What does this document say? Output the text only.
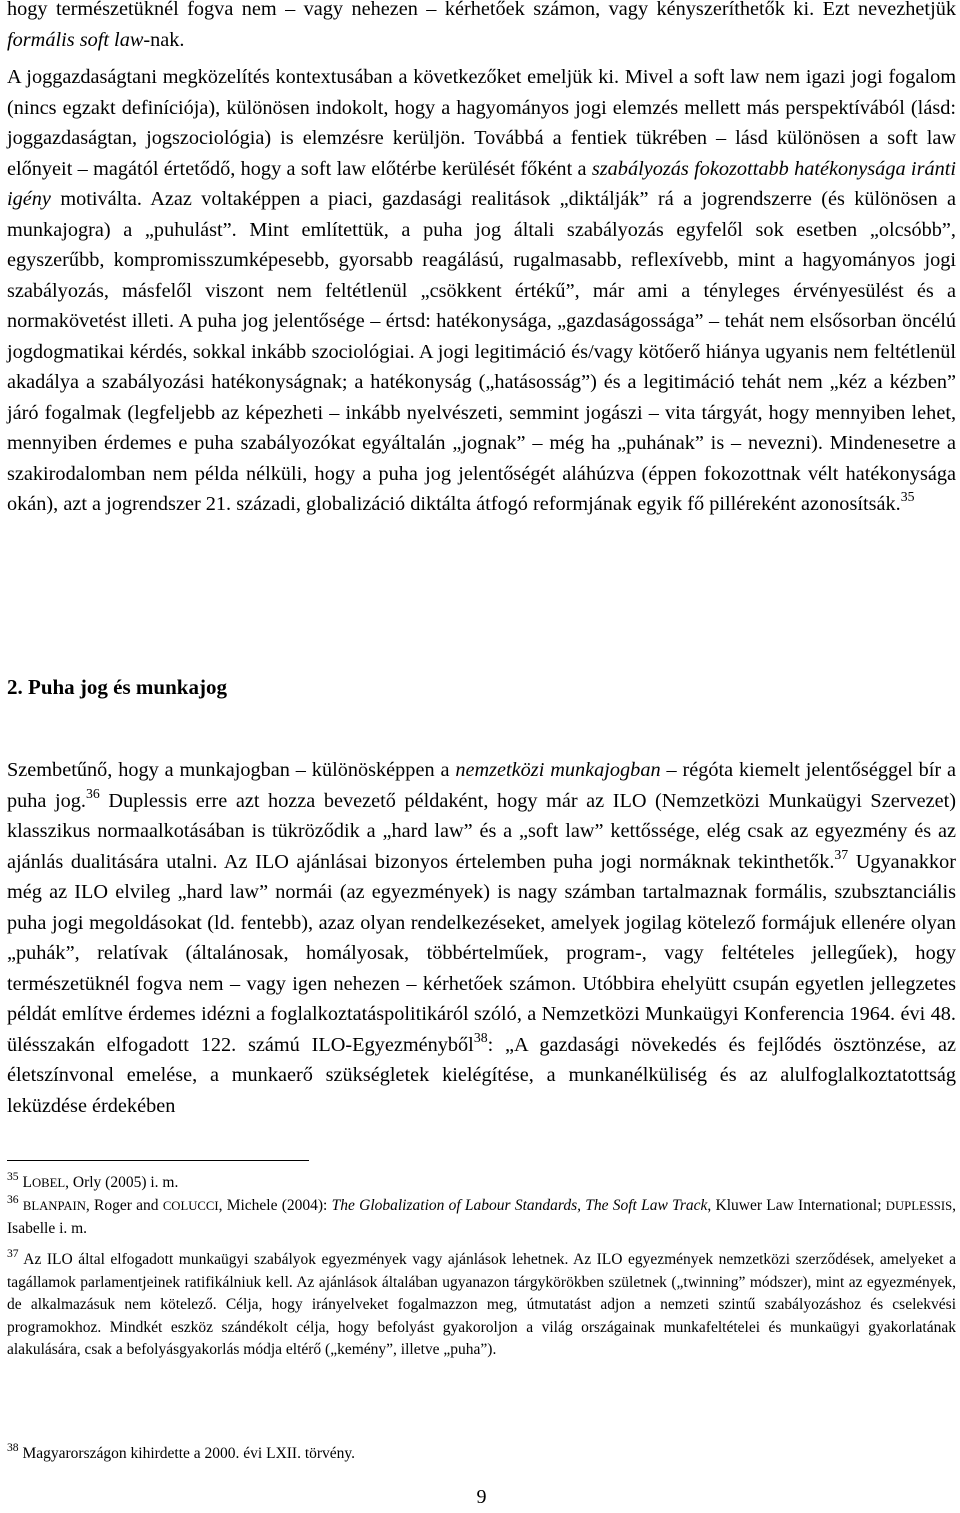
hogy természetüknél fogva nem – vagy nehezen – kérhetőek számon, vagy kényszeríthetők ki. Ezt nevezhetjük formális soft law-nak.

A joggazdaságtani megközelítés kontextusában a következőket emeljük ki. Mivel a soft law nem igazi jogi fogalom (nincs egzakt definíciója), különösen indokolt, hogy a hagyományos jogi elemzés mellett más perspektívából (lásd: joggazdaságtan, jogszociológia) is elemzésre kerüljön. Továbbá a fentiek tükrében – lásd különösen a soft law előnyeit – magától értetődő, hogy a soft law előtérbe kerülését főként a szabályozás fokozottabb hatékonysága iránti igény motiválta. Azaz voltaképpen a piaci, gazdasági realitások „diktálják” rá a jogrendszerre (és különösen a munkajogra) a „puhulást”. Mint említettük, a puha jog általi szabályozás egyfelől sok esetben „olcsóbb”, egyszerűbb, kompromisszumképesebb, gyorsabb reagálású, rugalmasabb, reflexívebb, mint a hagyományos jogi szabályozás, másfelől viszont nem feltétlenül „csökkent értékű”, már ami a tényleges érvényesülést és a normakövetést illeti. A puha jog jelentősége – értsd: hatékonysága, „gazdaságossága” – tehát nem elsősorban öncélú jogdogmatikai kérdés, sokkal inkább szociológiai. A jogi legitimáció és/vagy kötőerő hiánya ugyanis nem feltétlenül akadálya a szabályozási hatékonyságnak; a hatékonyság („hatásosság”) és a legitimáció tehát nem „kéz a kézben” járó fogalmak (legfeljebb az képezheti – inkább nyelvészeti, semmint jogászi – vita tárgyát, hogy mennyiben lehet, mennyiben érdemes e puha szabályozókat egyáltalán „jognak” – még ha „puhának” is – nevezni). Mindenesetre a szakirodalomban nem példa nélküli, hogy a puha jog jelentőségét aláhúzva (éppen fokozottnak vélt hatékonysága okán), azt a jogrendszer 21. századi, globalizáció diktálta átfogó reformjának egyik fő pilléreként azonosítsák.$^{35}$

2. Puha jog és munkajog

Szembetűnő, hogy a munkajogban – különösképpen a nemzetközi munkajogban – régóta kiemelt jelentőséggel bír a puha jog.$^{36}$ Duplessis erre azt hozza bevezető példaként, hogy már az ILO (Nemzetközi Munkaügyi Szervezet) klasszikus normaalkotásában is tükröződik a „hard law” és a „soft law” kettőssége, elég csak az egyezmény és az ajánlás dualitására utalni. Az ILO ajánlásai bizonyos értelemben puha jogi normáknak tekinthetők.$^{37}$ Ugyanakkor még az ILO elvileg „hard law” normái (az egyezmények) is nagy számban tartalmaznak formális, szubsztanciális puha jogi megoldásokat (ld. fentebb), azaz olyan rendelkezéseket, amelyek jogilag kötelező formájuk ellenére olyan „puhák”, relatívak (általánosak, homályosak, többértelműek, program-, vagy feltételes jellegűek), hogy természetüknél fogva nem – vagy igen nehezen – kérhetőek számon. Utóbbira ehelyütt csupán egyetlen jellegzetes példát említve érdemes idézni a foglalkoztatáspolitikáról szóló, a Nemzetközi Munkaügyi Konferencia 1964. évi 48. ülésszakán elfogadott 122. számú ILO-Egyezményből$^{38}$: „A gazdasági növekedés és fejlődés ösztönzése, az életszínvonal emelése, a munkaerő szükségletek kielégítése, a munkanélküliség és az alulfoglalkoztatottság leküzdése érdekében

$^{35}$ LOBEL, Orly (2005) i. m.

$^{36}$ BLANPAIN, Roger and COLUCCI, Michele (2004): The Globalization of Labour Standards, The Soft Law Track, Kluwer Law International; DUPLESSIS, Isabelle i. m.

$^{37}$ Az ILO által elfogadott munkaügyi szabályok egyezmények vagy ajánlások lehetnek. Az ILO egyezmények nemzetközi szerződések, amelyeket a tagállamok parlamentjeinek ratifikálniuk kell. Az ajánlások általában ugyanazon tárgykörökben születnek („twinning” módszer), mint az egyezmények, de alkalmazásuk nem kötelező. Célja, hogy irányelveket fogalmazzon meg, útmutatást adjon a nemzeti szintű szabályozáshoz és cselekvési programokhoz. Mindkét eszköz szándékolt célja, hogy befolyást gyakoroljon a világ országainak munkafeltételei és munkaügyi gyakorlatának alakulására, csak a befolyásgyakorlás módja eltérő („kemény”, illetve „puha”).

$^{38}$ Magyarországon kihirdette a 2000. évi LXII. törvény.
9
